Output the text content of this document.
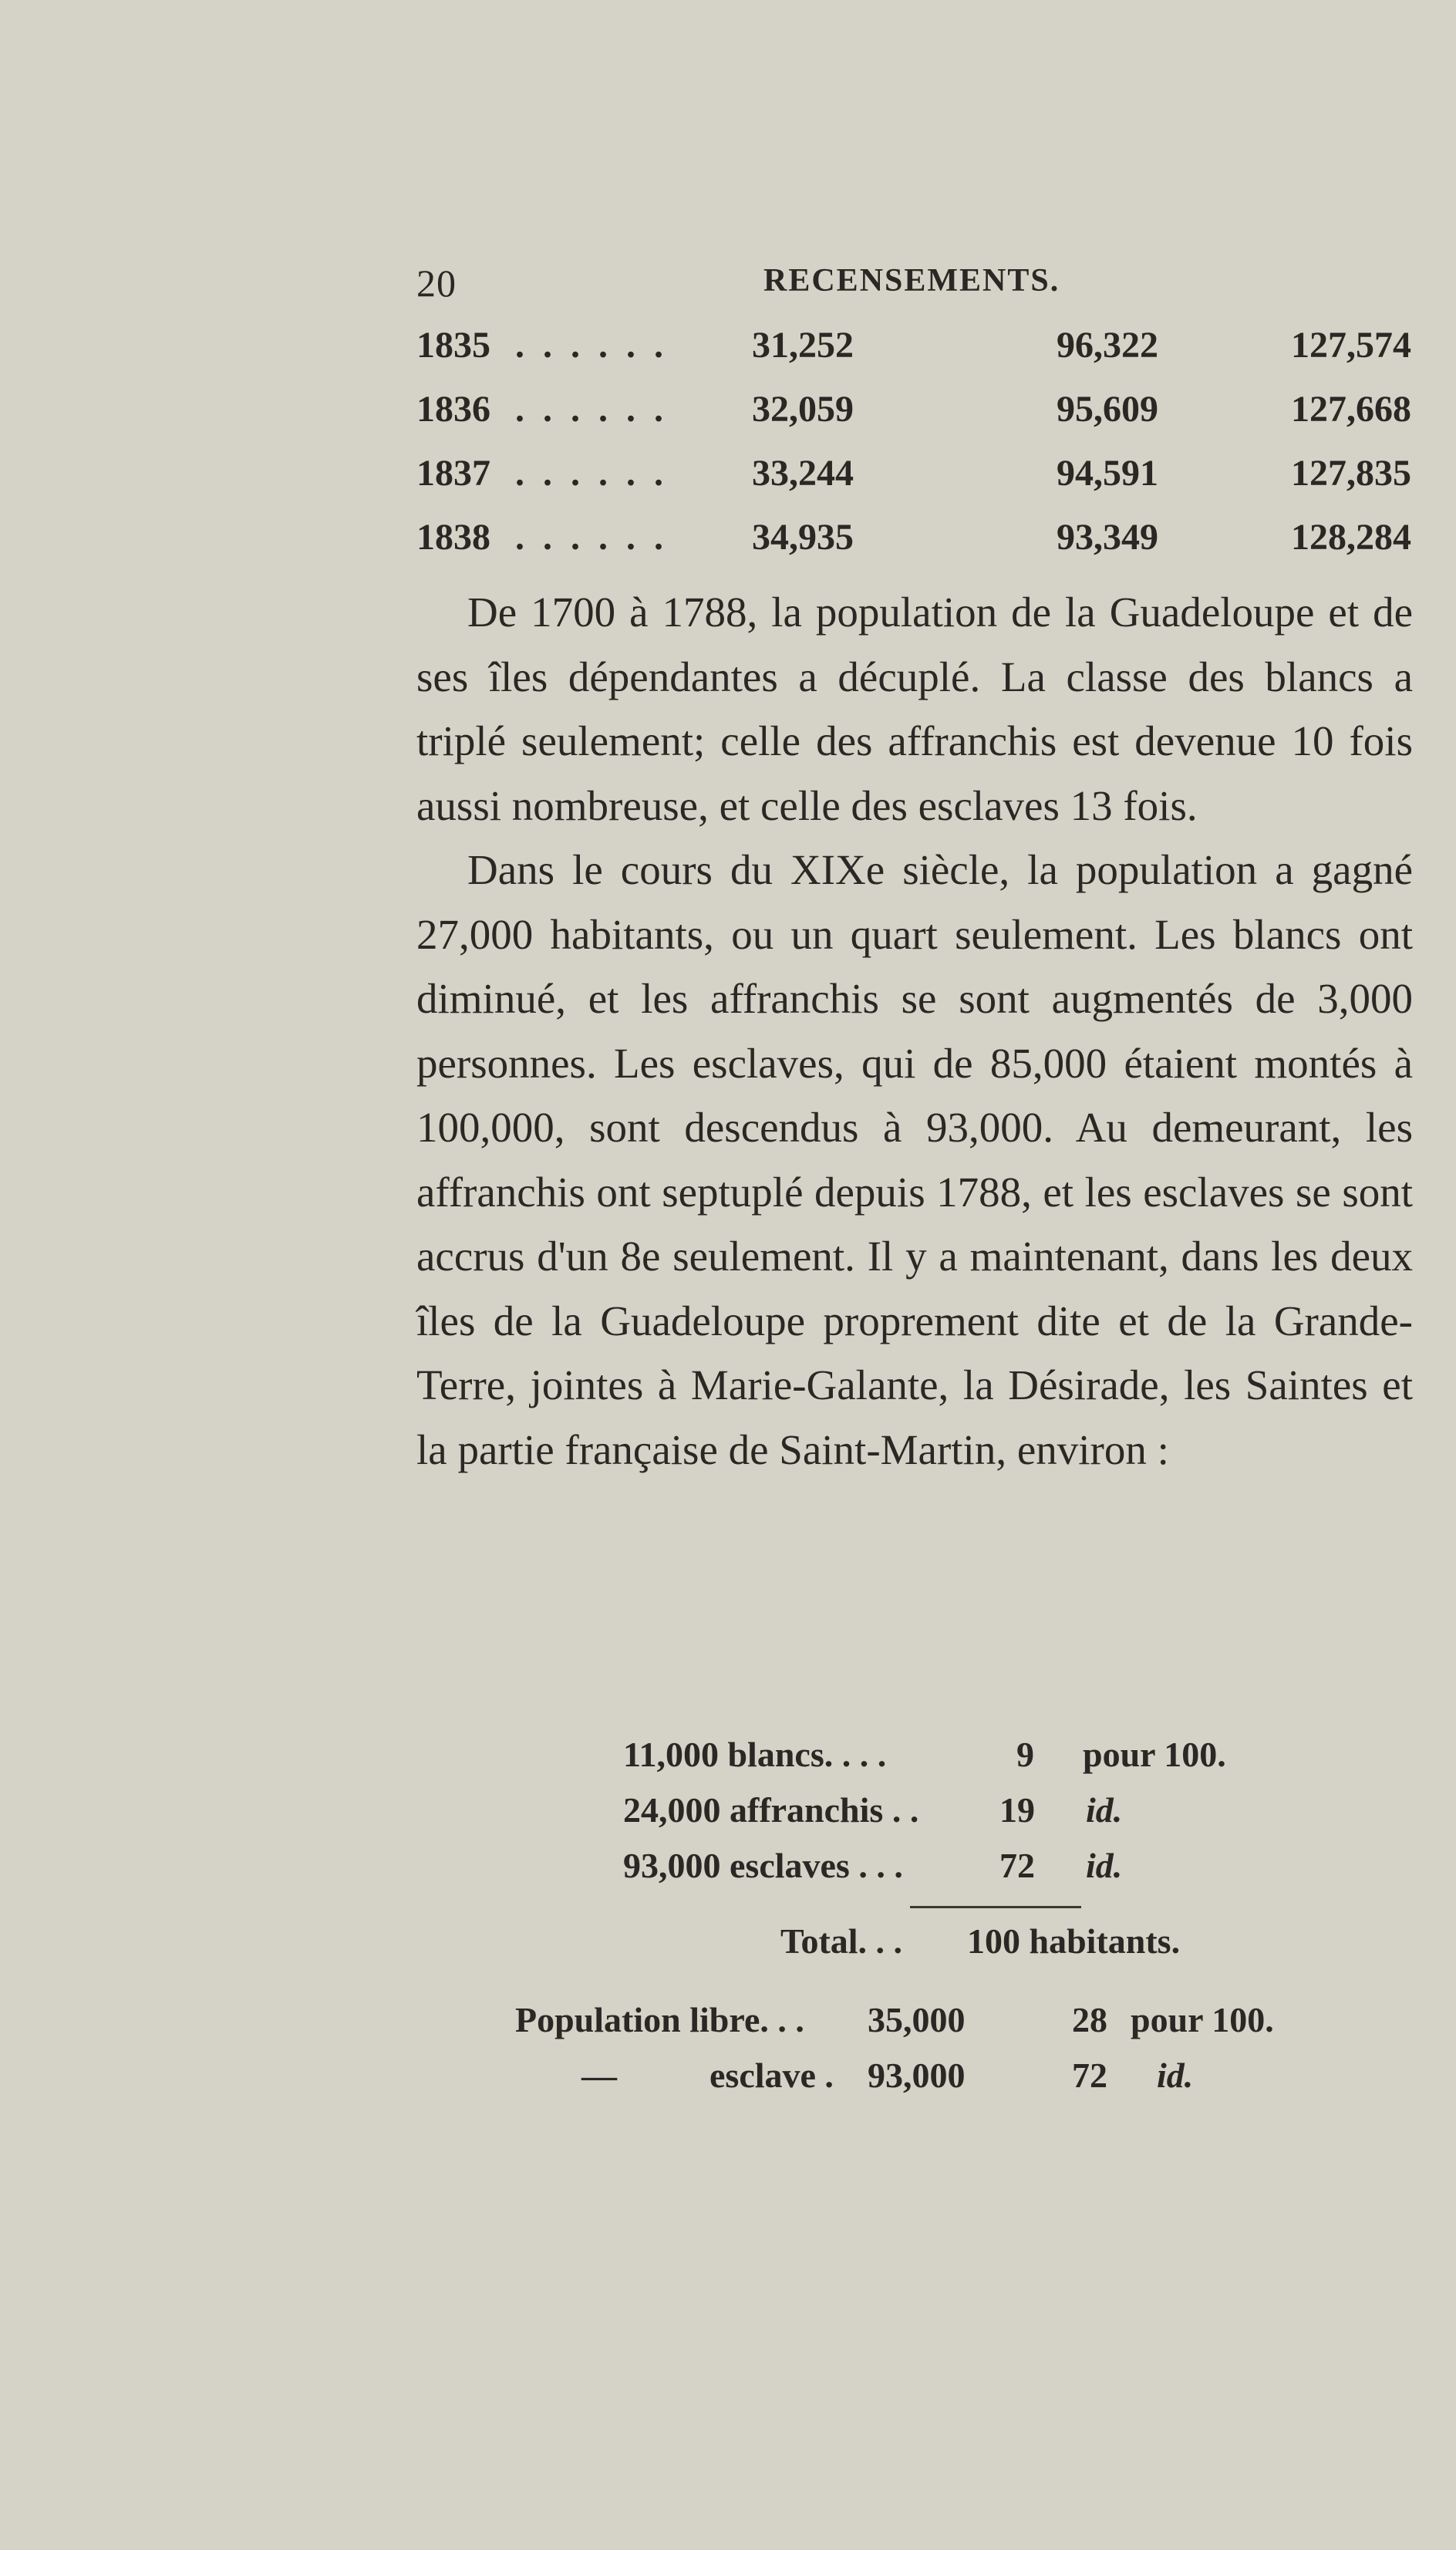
20	RECENSEMENTS.
1835 . . . . . . 31,252	96,322	127,574
1836 . . . . . . 32,059	95,609	127,668
1837 . . . . . . 33,244	94,591	127,835
1838 . . . . . . 34,935	93,349	128,284

De 1700 à 1788, la population de la Guadeloupe et de ses îles dépendantes a décuplé. La classe des blancs a triplé seulement; celle des affranchis est devenue 10 fois aussi nombreuse, et celle des esclaves 13 fois.

Dans le cours du XIXe siècle, la population a gagné 27,000 habitants, ou un quart seulement. Les blancs ont diminué, et les affranchis se sont augmentés de 3,000 personnes. Les esclaves, qui de 85,000 étaient montés à 100,000, sont descendus à 93,000. Au demeurant, les affranchis ont septuplé depuis 1788, et les esclaves se sont accrus d'un 8e seulement. Il y a maintenant, dans les deux îles de la Guadeloupe proprement dite et de la Grande-Terre, jointes à Marie-Galante, la Désirade, les Saintes et la partie française de Saint-Martin, environ :

11,000 blancs. . . .	9 pour 100.
24,000 affranchis . . 19 id.
93,000 esclaves . . .	72 id.
Total. . . 100 habitants.
Population libre. . . 35,000	28 pour 100.
—	esclave . 93,000	72 id.
